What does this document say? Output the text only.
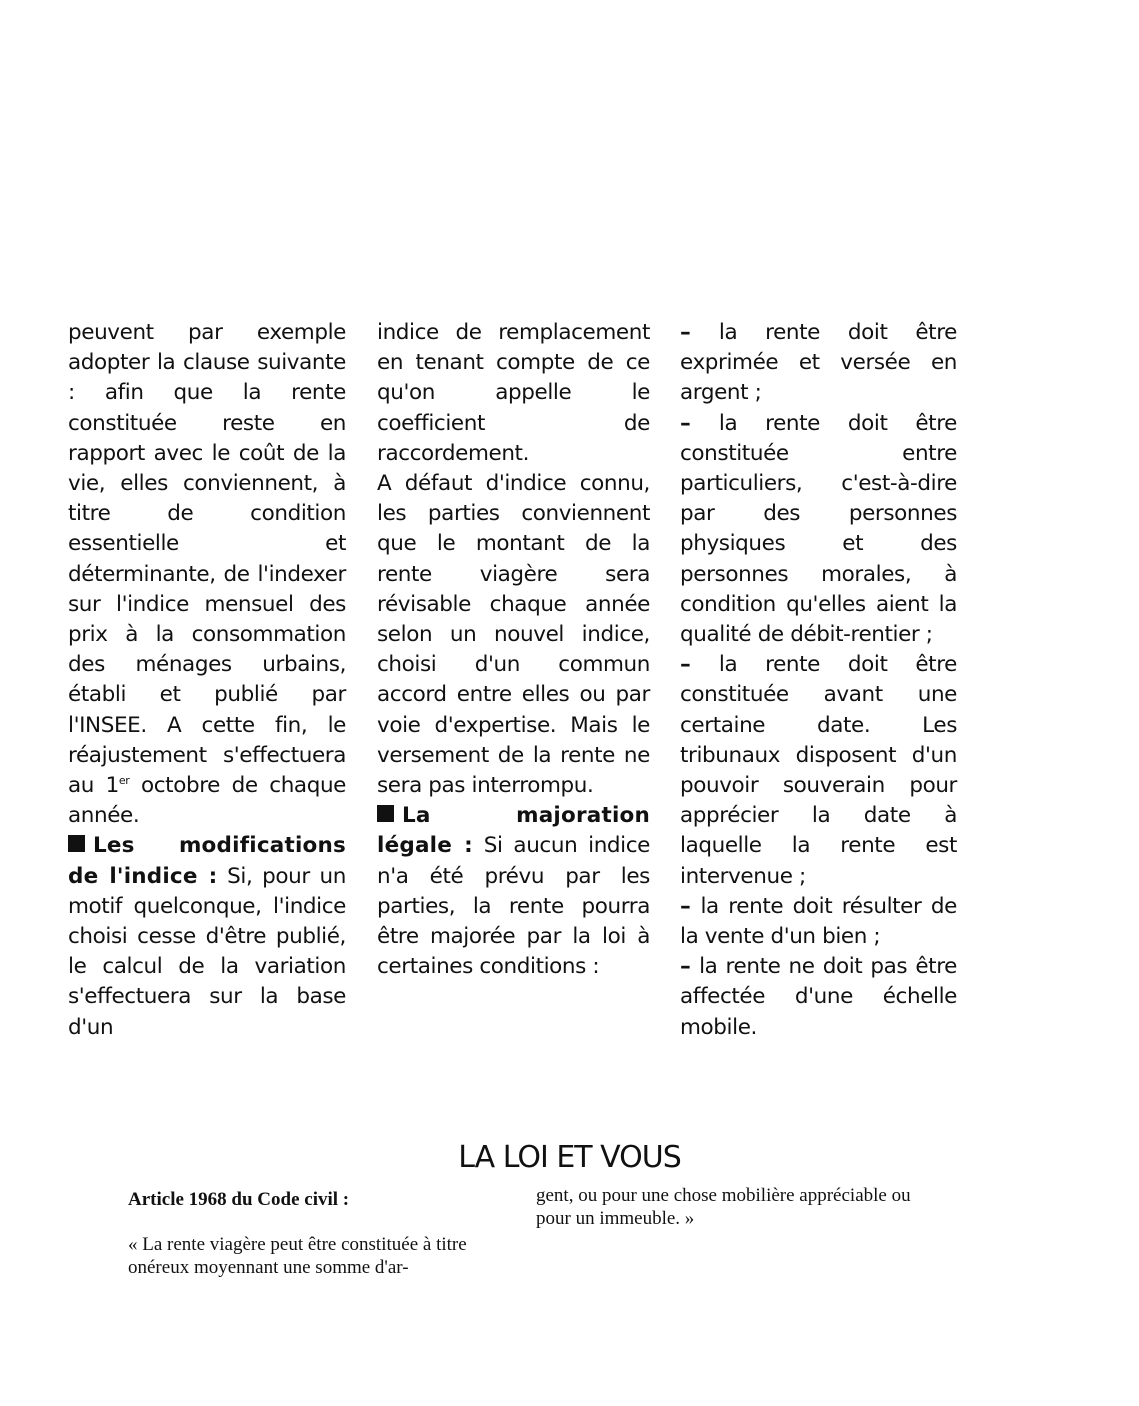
peuvent par exemple adopter la clause suivante : afin que la rente constituée reste en rapport avec le coût de la vie, elles conviennent, à titre de condition essentielle et déterminante, de l'indexer sur l'indice mensuel des prix à la consommation des ménages urbains, établi et publié par l'INSEE. A cette fin, le réajustement s'effectuera au 1er octobre de chaque année.

Les modifications de l'indice : Si, pour un motif quelconque, l'indice choisi cesse d'être publié, le calcul de la variation s'effectuera sur la base d'un

indice de remplacement en tenant compte de ce qu'on appelle le coefficient de raccordement.

A défaut d'indice connu, les parties conviennent que le montant de la rente viagère sera révisable chaque année selon un nouvel indice, choisi d'un commun accord entre elles ou par voie d'expertise. Mais le versement de la rente ne sera pas interrompu.

La majoration légale : Si aucun indice n'a été prévu par les parties, la rente pourra être majorée par la loi à certaines conditions :

– la rente doit être exprimée et versée en argent ;

– la rente doit être constituée entre particuliers, c'est-à-dire par des personnes physiques et des personnes morales, à condition qu'elles aient la qualité de débit-rentier ;

– la rente doit être constituée avant une certaine date. Les tribunaux disposent d'un pouvoir souverain pour apprécier la date à laquelle la rente est intervenue ;

– la rente doit résulter de la vente d'un bien ;

– la rente ne doit pas être affectée d'une échelle mobile.

LA LOI ET VOUS
Article 1968 du Code civil :

« La rente viagère peut être constituée à titre onéreux moyennant une somme d'ar-

gent, ou pour une chose mobilière appréciable ou pour un immeuble. »
